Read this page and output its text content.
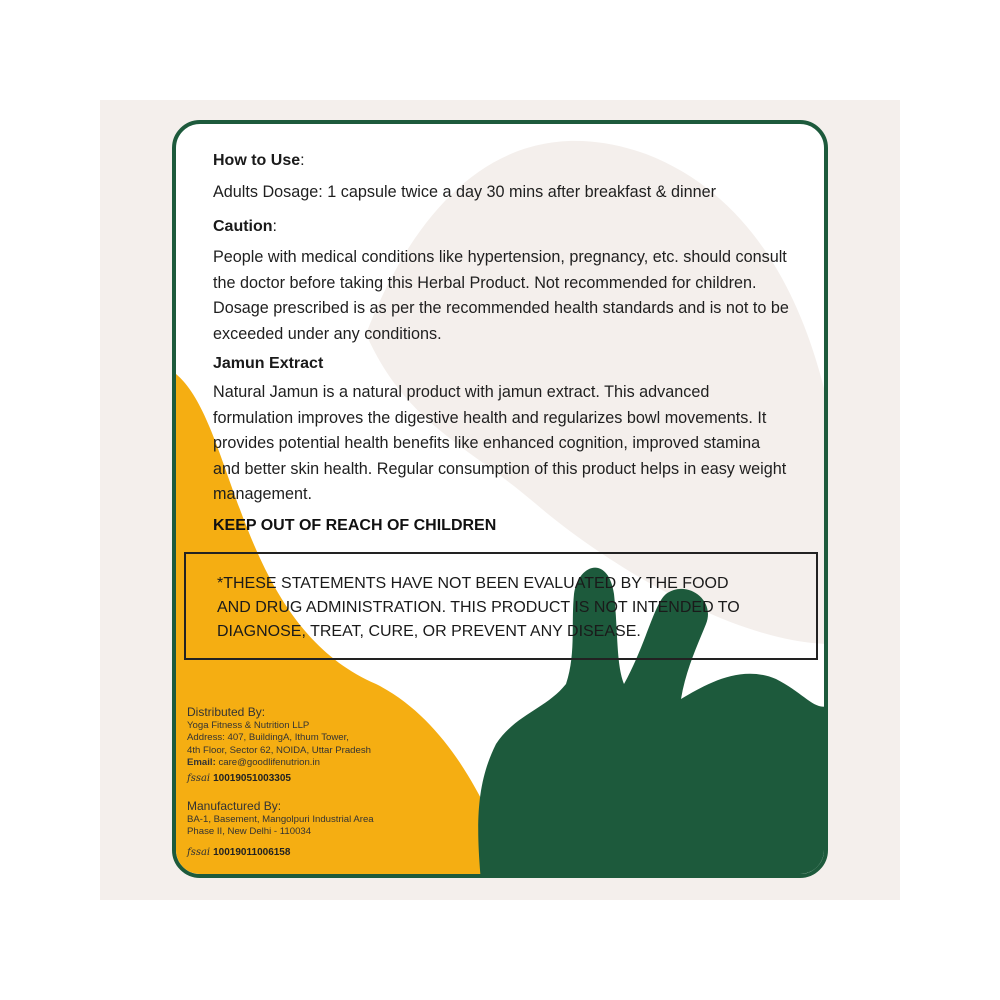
How to Use:

Adults Dosage: 1 capsule twice a day 30 mins after breakfast & dinner

Caution:

People with medical conditions like hypertension, pregnancy, etc. should consult
the doctor before taking this Herbal Product. Not recommended for children.
Dosage prescribed is as per the recommended health standards and is not to be
exceeded under any conditions.

Jamun Extract

Natural Jamun is a natural product with jamun extract. This advanced
formulation improves the digestive health and regularizes bowl movements. It
provides potential health benefits like enhanced cognition, improved stamina
and better skin health. Regular consumption of this product helps in easy weight
management.

KEEP OUT OF REACH OF CHILDREN
*THESE STATEMENTS HAVE NOT BEEN EVALUATED BY THE FOOD
AND DRUG ADMINISTRATION. THIS PRODUCT IS NOT INTENDED TO
DIAGNOSE, TREAT, CURE, OR PREVENT ANY DISEASE.
Distributed By:
Yoga Fitness & Nutrition LLP
Address: 407, BuildingA, Ithum Tower,
4th Floor, Sector 62, NOIDA, Uttar Pradesh
Email: care@goodlifenutrion.in
fssai 10019051003305
Manufactured By:
BA-1, Basement, Mangolpuri Industrial Area
Phase II, New Delhi - 110034
fssai 10019011006158
